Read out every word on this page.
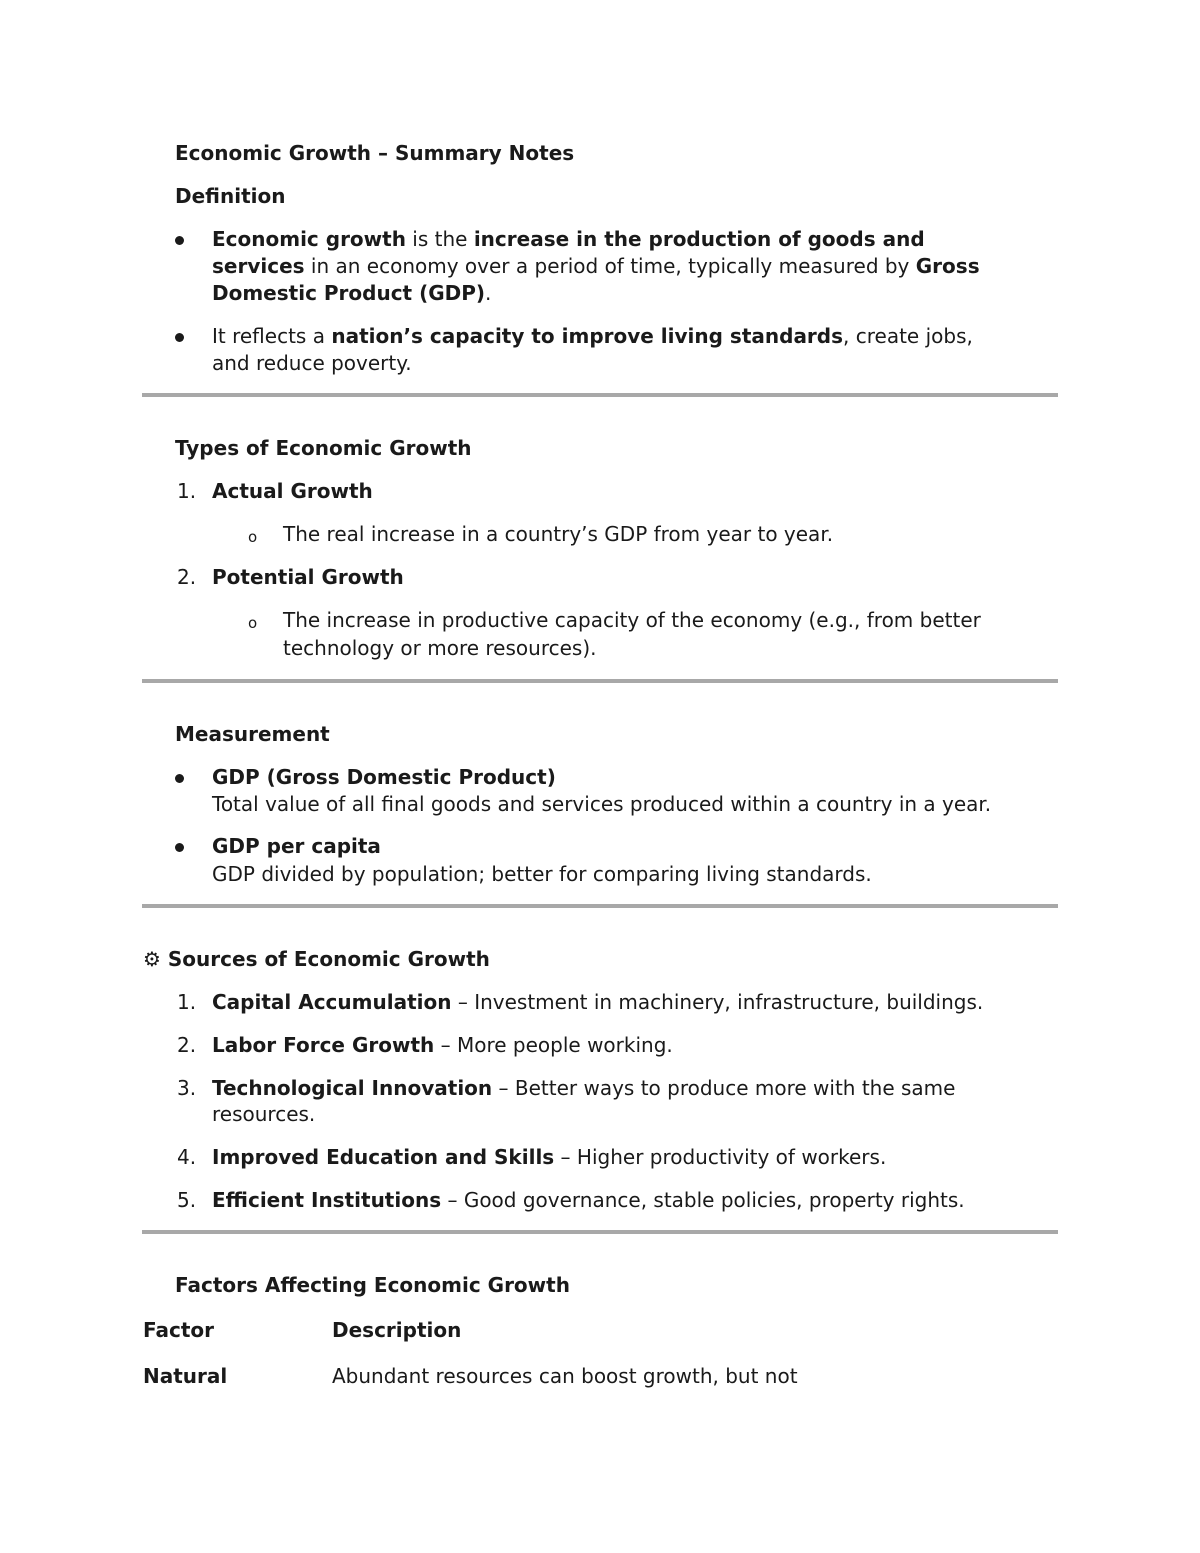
Economic Growth – Summary Notes
Definition
Economic growth is the increase in the production of goods and
services in an economy over a period of time, typically measured by Gross
Domestic Product (GDP).
It reflects a nation’s capacity to improve living standards, create jobs,
and reduce poverty.
Types of Economic Growth
1. Actual Growth
o The real increase in a country’s GDP from year to year.
2. Potential Growth
o The increase in productive capacity of the economy (e.g., from better
technology or more resources).
Measurement
GDP (Gross Domestic Product)
Total value of all final goods and services produced within a country in a year.
GDP per capita
GDP divided by population; better for comparing living standards.
⚙ Sources of Economic Growth
1. Capital Accumulation – Investment in machinery, infrastructure, buildings.
2. Labor Force Growth – More people working.
3. Technological Innovation – Better ways to produce more with the same
resources.
4. Improved Education and Skills – Higher productivity of workers.
5. Efficient Institutions – Good governance, stable policies, property rights.
Factors Affecting Economic Growth
Factor	Description
Natural	Abundant resources can boost growth, but not
